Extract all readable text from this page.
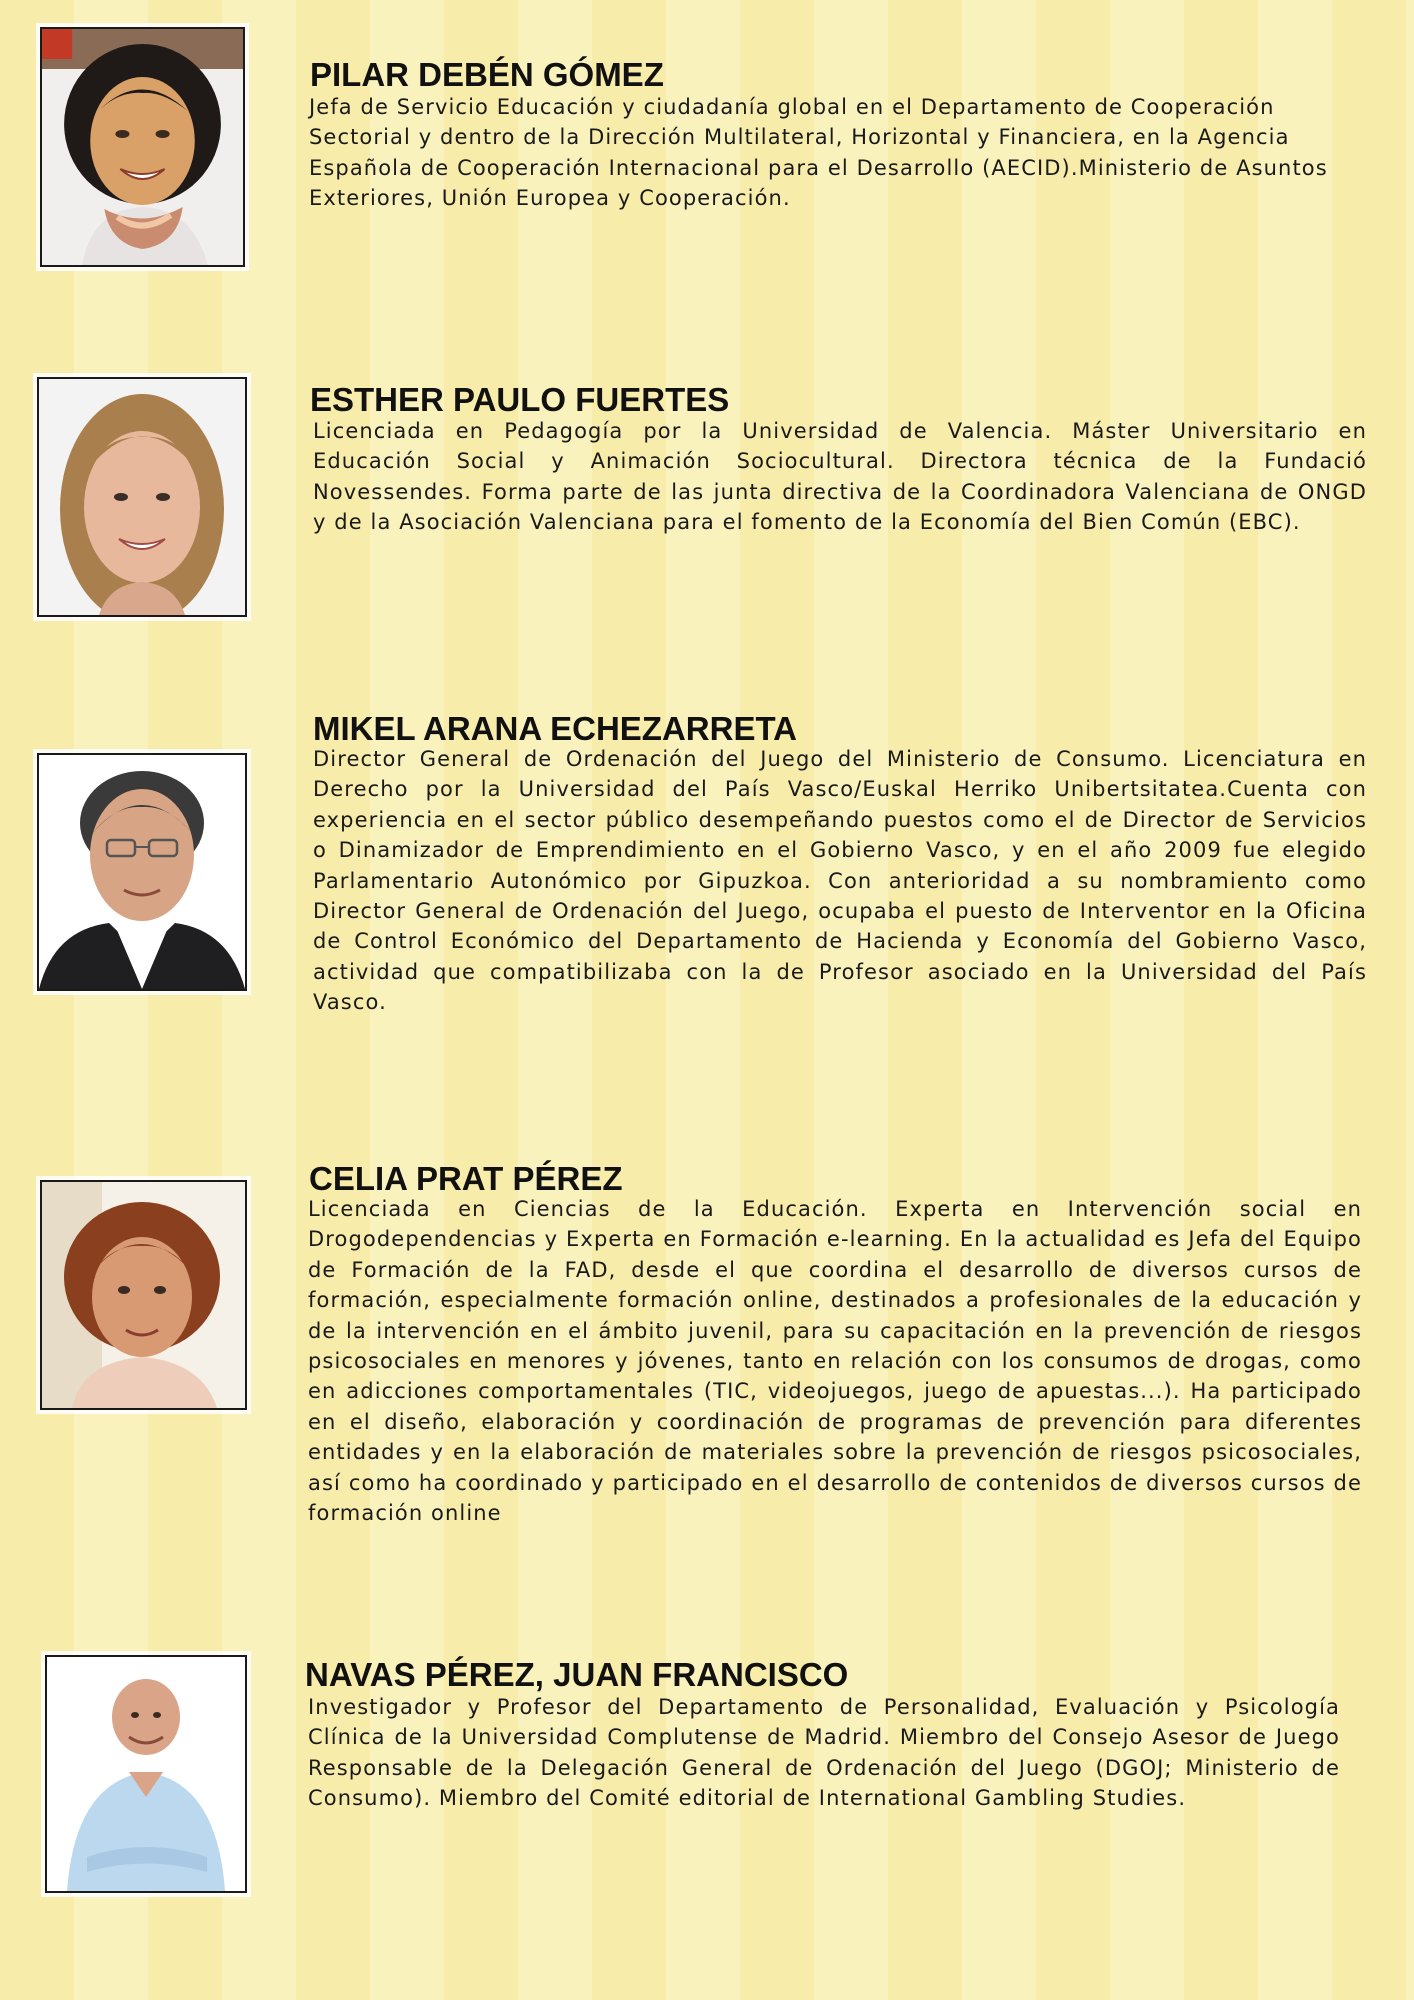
PILAR DEBÉN GÓMEZ

Jefa de Servicio Educación y ciudadanía global en el Departamento de Cooperación Sectorial y dentro de la Dirección Multilateral, Horizontal y Financiera, en la Agencia Española de Cooperación Internacional para el Desarrollo (AECID).Ministerio de Asuntos Exteriores, Unión Europea y Cooperación.

ESTHER PAULO FUERTES

Licenciada en Pedagogía por la Universidad de Valencia. Máster Universitario en Educación Social y Animación Sociocultural. Directora técnica de la Fundació Novessendes. Forma parte de las junta directiva de la Coordinadora Valenciana de ONGD y de la Asociación Valenciana para el fomento de la Economía del Bien Común (EBC).

MIKEL ARANA ECHEZARRETA

Director General de Ordenación del Juego del Ministerio de Consumo. Licenciatura en Derecho por la Universidad del País Vasco/Euskal Herriko Unibertsitatea.Cuenta con experiencia en el sector público desempeñando puestos como el de Director de Servicios o Dinamizador de Emprendimiento en el Gobierno Vasco, y en el año 2009 fue elegido Parlamentario Autonómico por Gipuzkoa. Con anterioridad a su nombramiento como Director General de Ordenación del Juego, ocupaba el puesto de Interventor en la Oficina de Control Económico del Departamento de Hacienda y Economía del Gobierno Vasco, actividad que compatibilizaba con la de Profesor asociado en la Universidad del País Vasco.

CELIA PRAT PÉREZ

Licenciada en Ciencias de la Educación. Experta en Intervención social en Drogodependencias y Experta en Formación e-learning. En la actualidad es Jefa del Equipo de Formación de la FAD, desde el que coordina el desarrollo de diversos cursos de formación, especialmente formación online, destinados a profesionales de la educación y de la intervención en el ámbito juvenil, para su capacitación en la prevención de riesgos psicosociales en menores y jóvenes, tanto en relación con los consumos de drogas, como en adicciones comportamentales (TIC, videojuegos, juego de apuestas...). Ha participado en el diseño, elaboración y coordinación de programas de prevención para diferentes entidades y en la elaboración de materiales sobre la prevención de riesgos psicosociales, así como ha coordinado y participado en el desarrollo de contenidos de diversos cursos de formación online

NAVAS PÉREZ, JUAN FRANCISCO

Investigador y Profesor del Departamento de Personalidad, Evaluación y Psicología Clínica de la Universidad Complutense de Madrid. Miembro del Consejo Asesor de Juego Responsable de la Delegación General de Ordenación del Juego (DGOJ; Ministerio de Consumo). Miembro del Comité editorial de International Gambling Studies.
